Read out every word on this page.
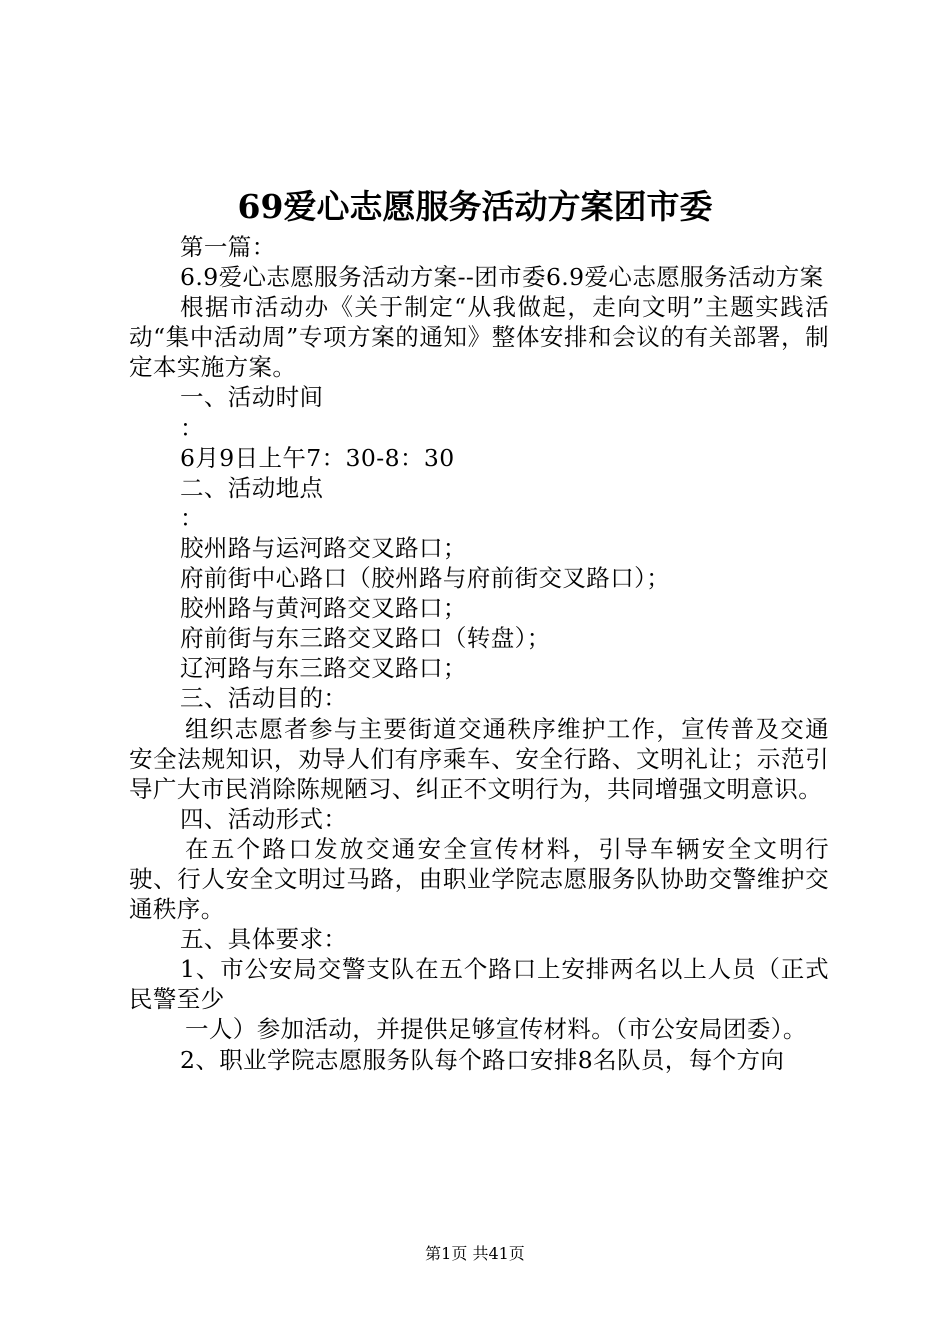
69爱心志愿服务活动方案团市委

第一篇：

6.9爱心志愿服务活动方案--团市委6.9爱心志愿服务活动方案

根据市活动办《关于制定“从我做起，走向文明”主题实践活动“集中活动周”专项方案的通知》整体安排和会议的有关部署，制定本实施方案。

一、活动时间

：

6月9日上午7：30-8：30

二、活动地点

：

胶州路与运河路交叉路口；

府前街中心路口（胶州路与府前街交叉路口）；

胶州路与黄河路交叉路口；

府前街与东三路交叉路口（转盘）；

辽河路与东三路交叉路口；

三、活动目的：

组织志愿者参与主要街道交通秩序维护工作，宣传普及交通安全法规知识，劝导人们有序乘车、安全行路、文明礼让；示范引导广大市民消除陈规陋习、纠正不文明行为，共同增强文明意识。

四、活动形式：

在五个路口发放交通安全宣传材料，引导车辆安全文明行驶、行人安全文明过马路，由职业学院志愿服务队协助交警维护交通秩序。

五、具体要求：

1、市公安局交警支队在五个路口上安排两名以上人员（正式民警至少

一人）参加活动，并提供足够宣传材料。（市公安局团委）。

2、职业学院志愿服务队每个路口安排8名队员，每个方向

第1页 共41页
